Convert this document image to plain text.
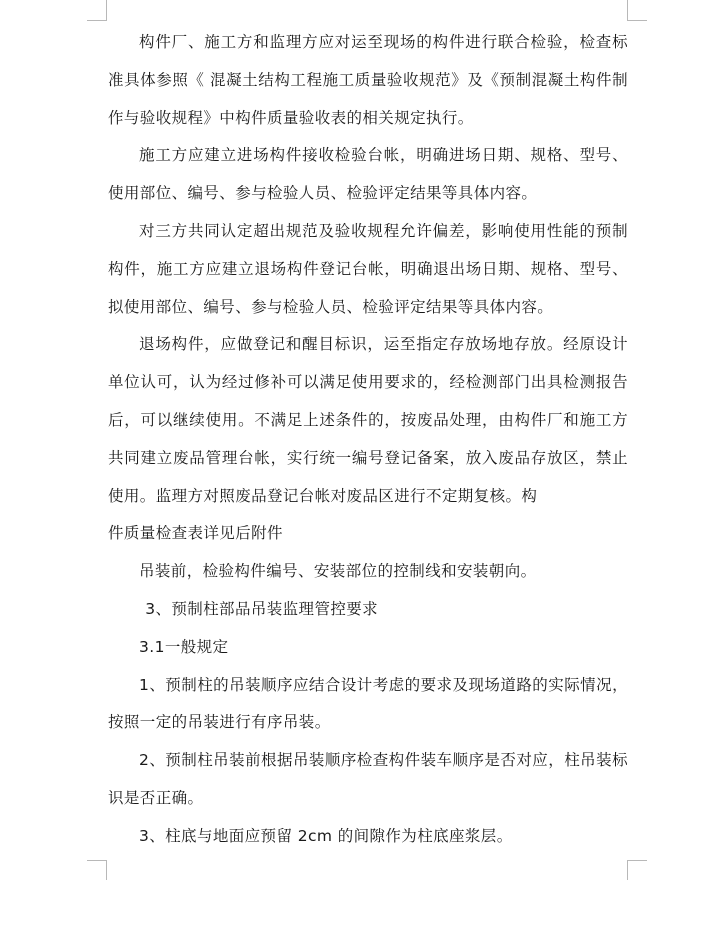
构件厂、施工方和监理方应对运至现场的构件进行联合检验，检查标准具体参照《 混凝土结构工程施工质量验收规范》及《预制混凝土构件制作与验收规程》中构件质量验收表的相关规定执行。

施工方应建立进场构件接收检验台帐，明确进场日期、规格、型号、使用部位、编号、参与检验人员、检验评定结果等具体内容。

对三方共同认定超出规范及验收规程允许偏差，影响使用性能的预制构件，施工方应建立退场构件登记台帐，明确退出场日期、规格、型号、拟使用部位、编号、参与检验人员、检验评定结果等具体内容。

退场构件，应做登记和醒目标识，运至指定存放场地存放。经原设计单位认可，认为经过修补可以满足使用要求的，经检测部门出具检测报告后，可以继续使用。不满足上述条件的，按废品处理，由构件厂和施工方共同建立废品管理台帐，实行统一编号登记备案，放入废品存放区，禁止使用。监理方对照废品登记台帐对废品区进行不定期复核。构

件质量检查表详见后附件

吊装前，检验构件编号、安装部位的控制线和安装朝向。

3、预制柱部品吊装监理管控要求

3.1一般规定

1、预制柱的吊装顺序应结合设计考虑的要求及现场道路的实际情况，按照一定的吊装进行有序吊装。

2、预制柱吊装前根据吊装顺序检查构件装车顺序是否对应，柱吊装标识是否正确。

3、柱底与地面应预留 2cm 的间隙作为柱底座浆层。
